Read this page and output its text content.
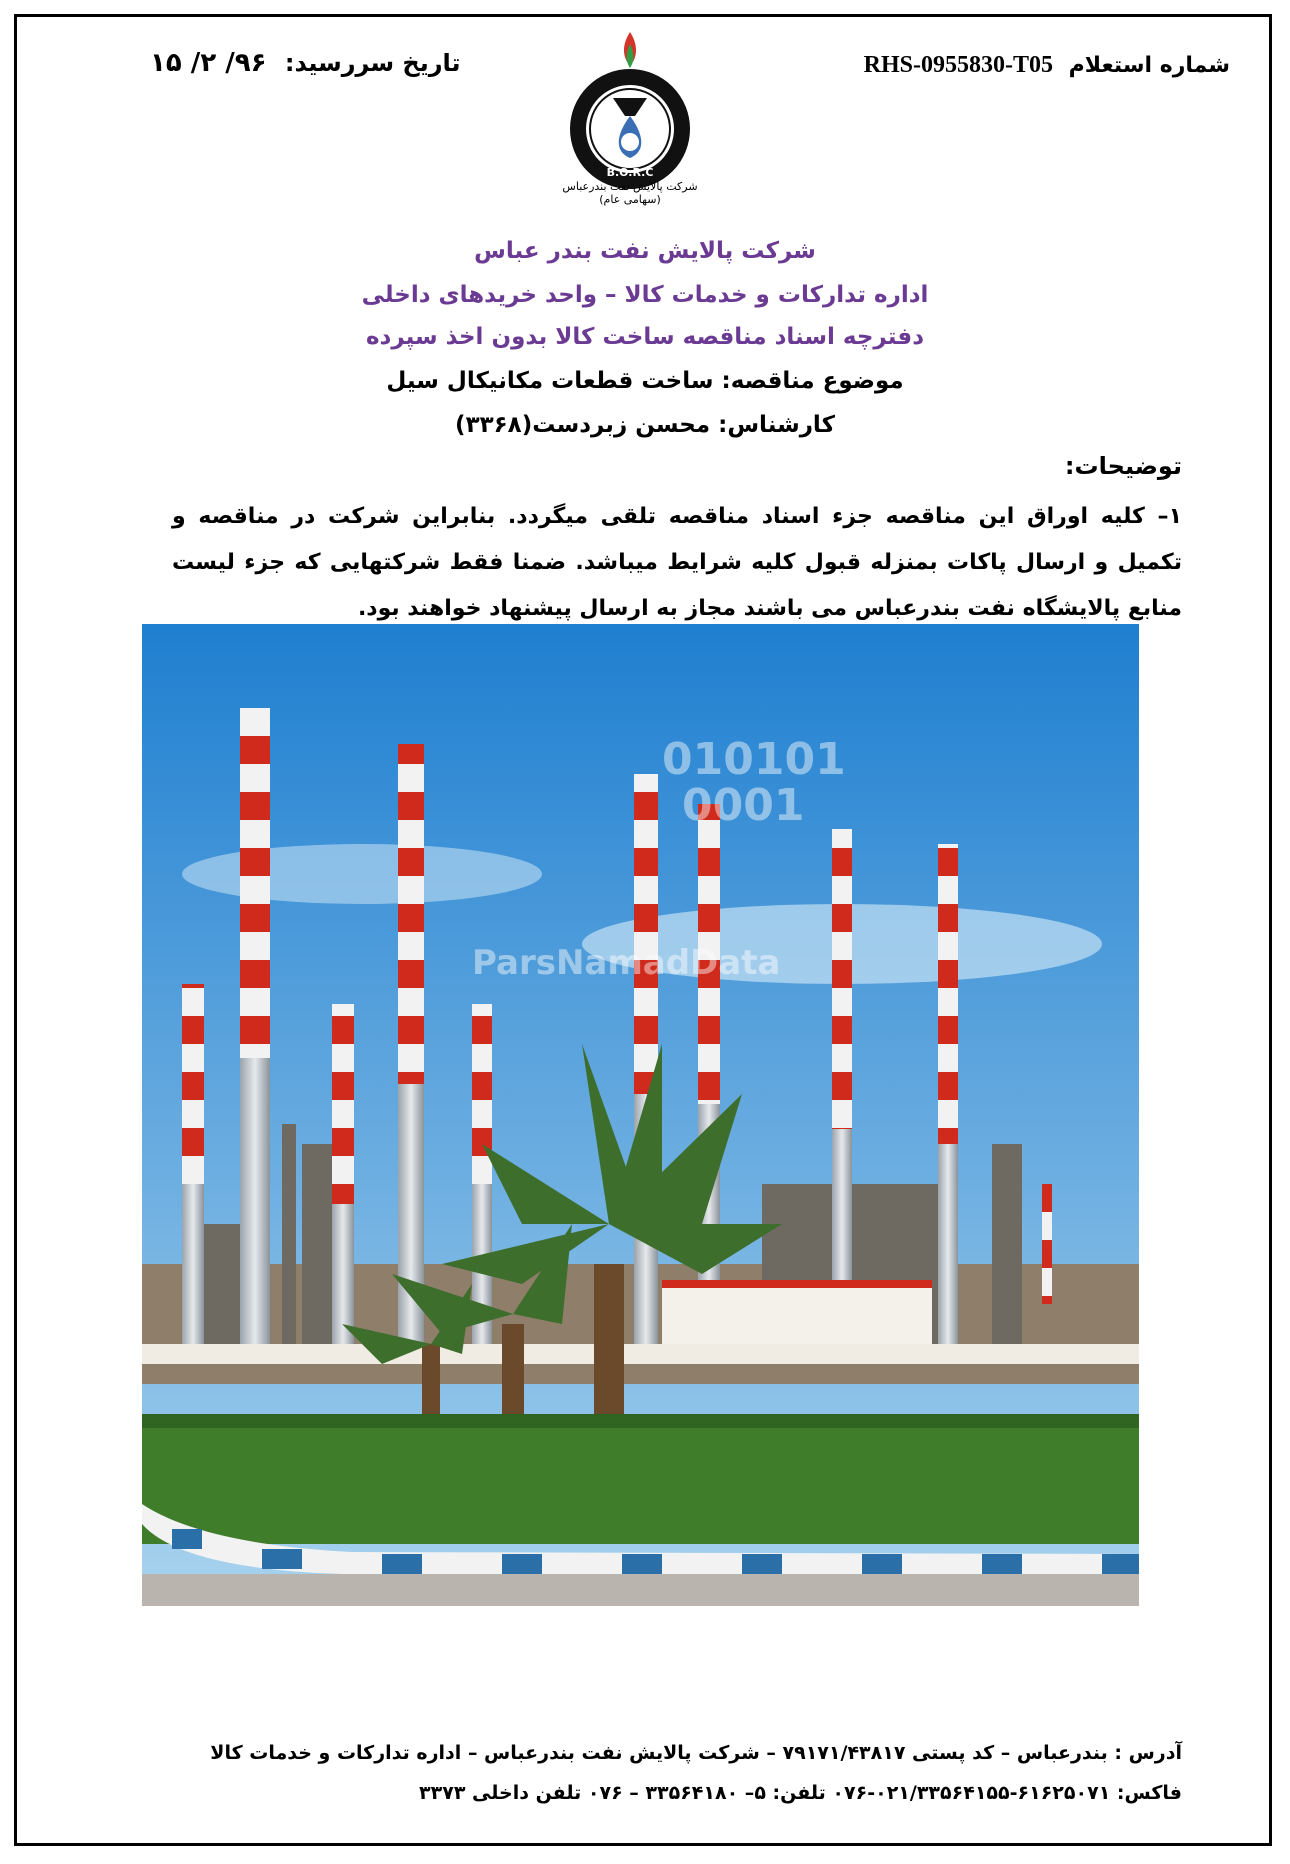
شماره استعلام RHS-0955830-T05
تاریخ سررسید: ۹۶/ ۲/ ۱۵
B.O.R.C
شرکت پالایش نفت بندرعباس
(سهامی عام)
شرکت پالایش نفت بندر عباس
اداره تدارکات و خدمات کالا – واحد خریدهای داخلی
دفترچه اسناد مناقصه ساخت کالا بدون اخذ سپرده
موضوع مناقصه: ساخت قطعات مکانیکال سیل
کارشناس: محسن زبردست(۳۳۶۸)
توضیحات:
۱– کلیه اوراق این مناقصه جزء اسناد مناقصه تلقی میگردد. بنابراین شرکت در مناقصه و تکمیل و ارسال پاکات بمنزله قبول کلیه شرایط میباشد. ضمنا فقط شرکتهایی که جزء لیست منابع پالایشگاه نفت بندرعباس می باشند مجاز به ارسال پیشنهاد خواهند بود.
010101
0001
ParsNamadData
آدرس : بندرعباس – کد پستی ۷۹۱۷۱/۴۳۸۱۷ – شرکت پالایش نفت بندرعباس – اداره تدارکات و خدمات کالا
فاکس: ۶۱۶۲۵۰۷۱-۰۲۱/۳۳۵۶۴۱۵۵-۰۷۶ تلفن: ۵– ۳۳۵۶۴۱۸۰ – ۰۷۶ تلفن داخلی ۳۳۷۳
